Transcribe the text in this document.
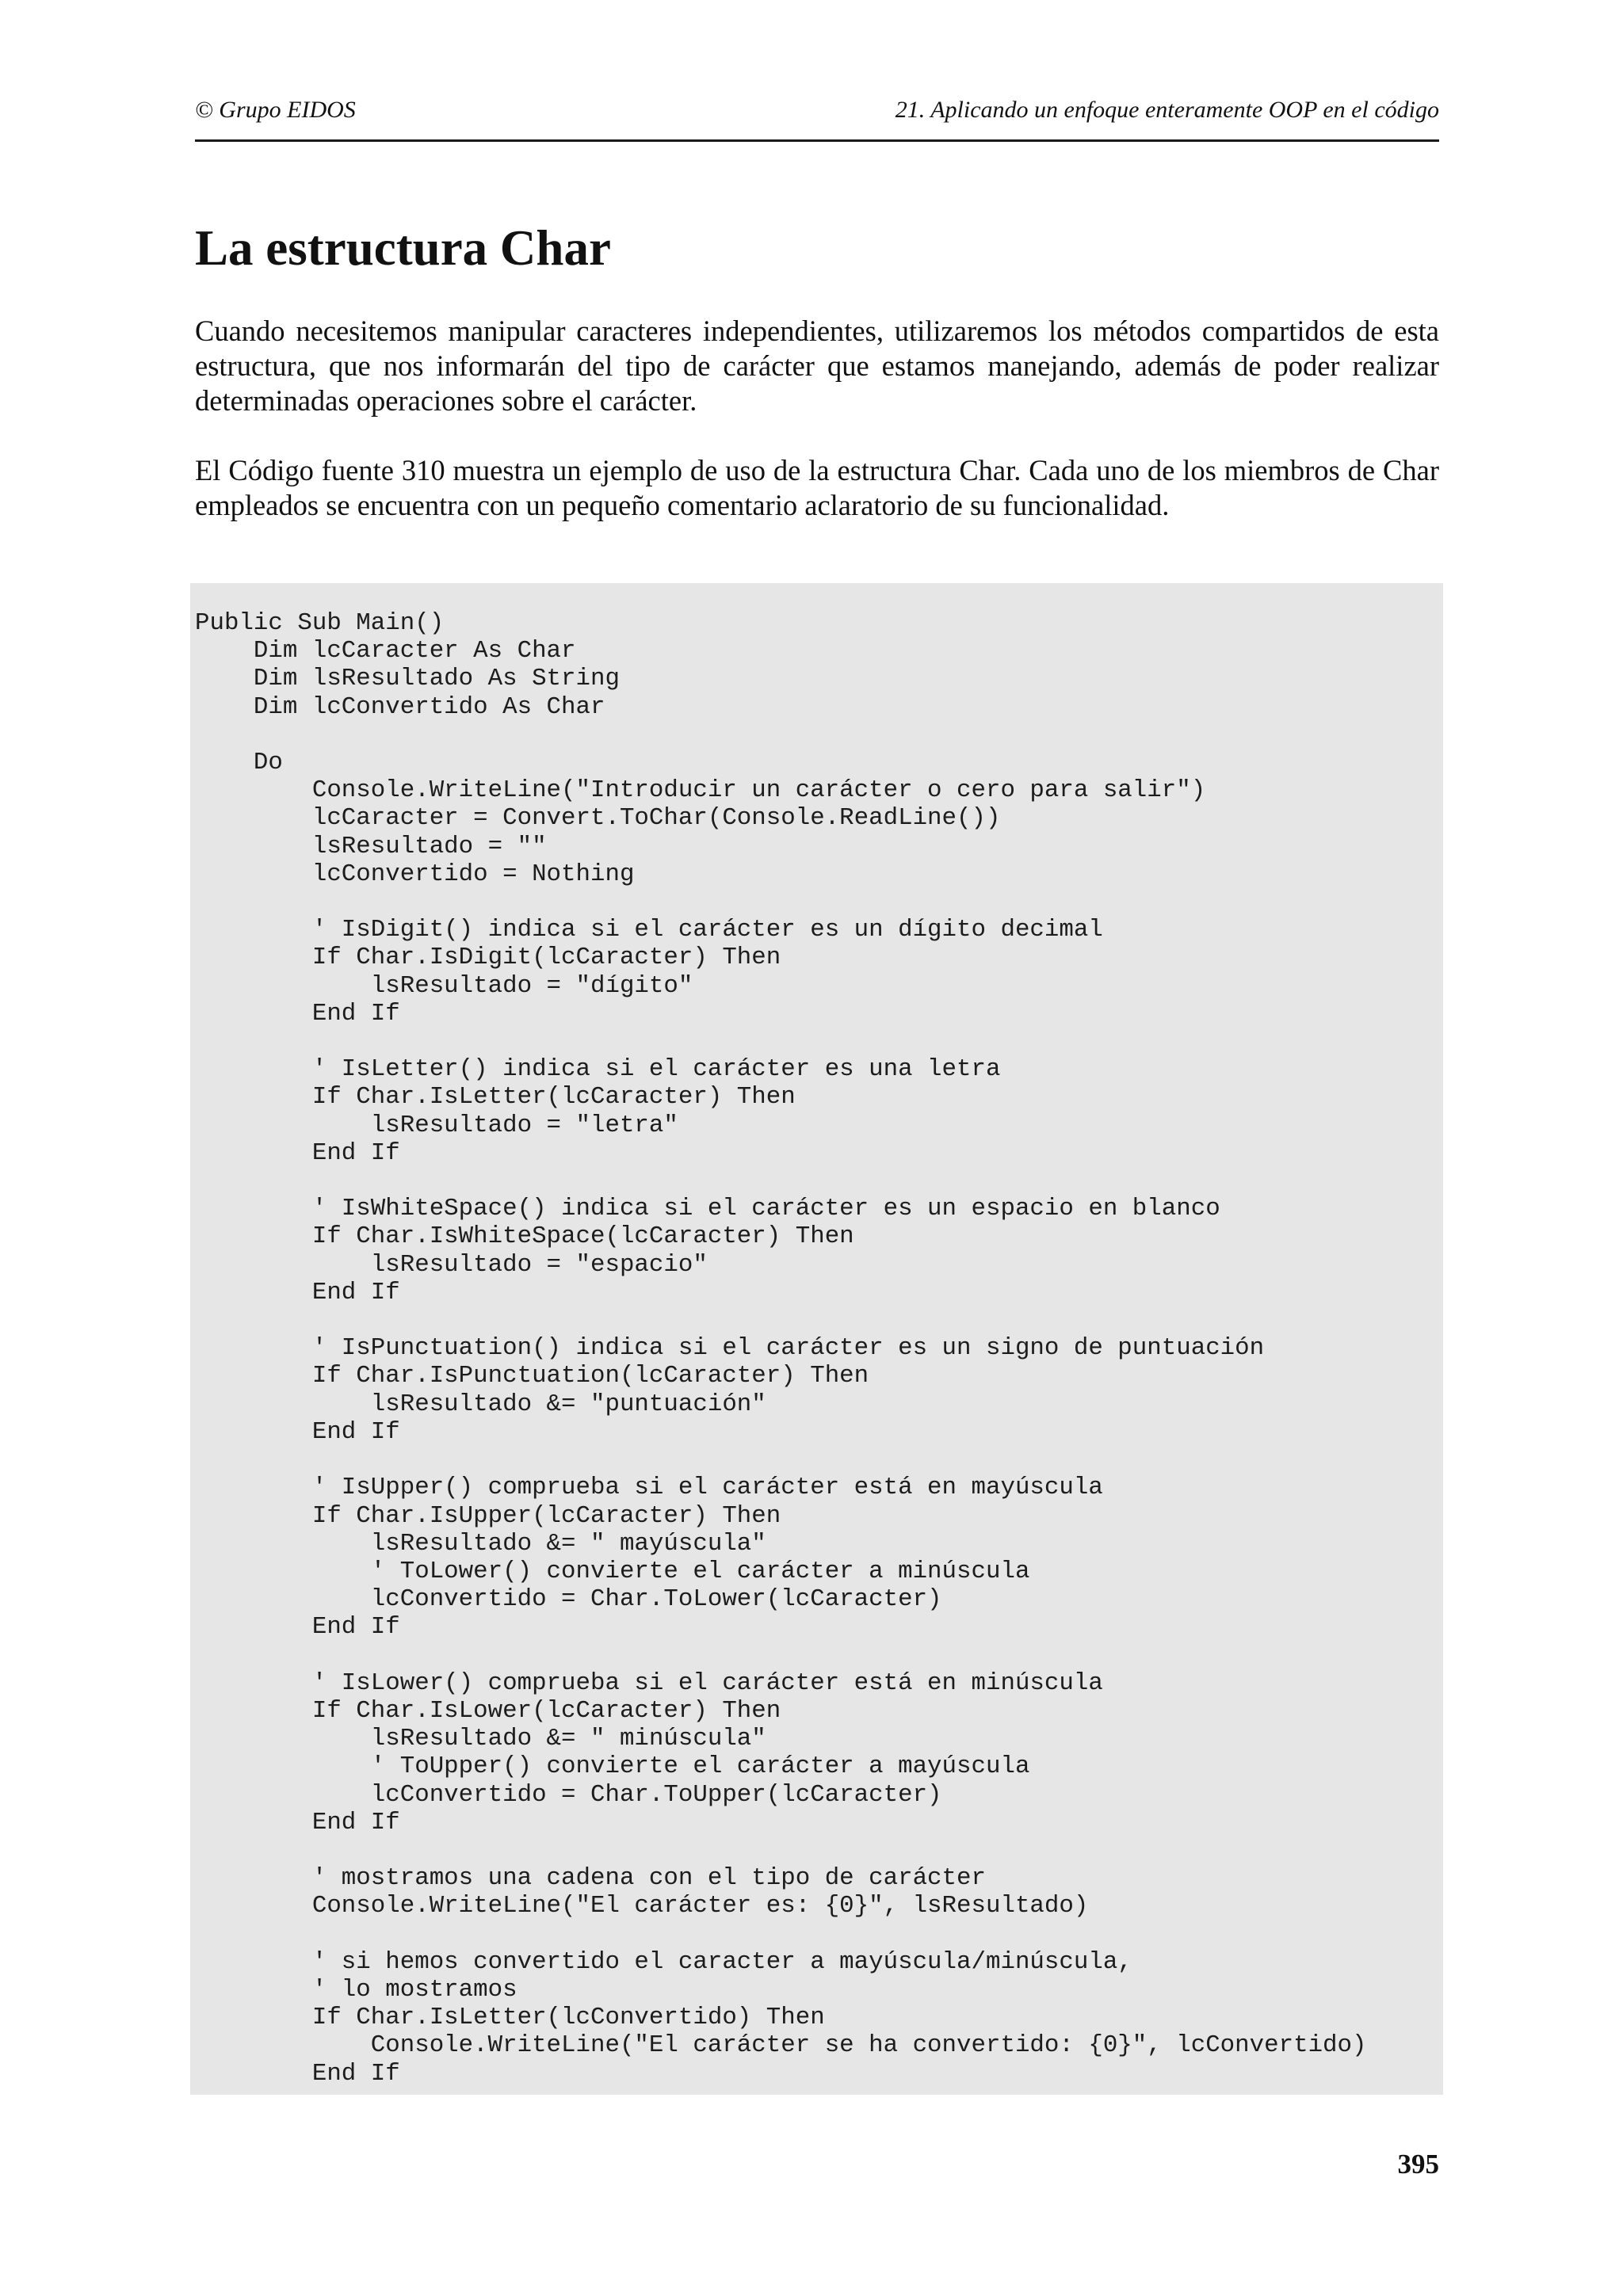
© Grupo EIDOS	21. Aplicando un enfoque enteramente OOP en el código
La estructura Char

Cuando necesitemos manipular caracteres independientes, utilizaremos los métodos compartidos de esta estructura, que nos informarán del tipo de carácter que estamos manejando, además de poder realizar determinadas operaciones sobre el carácter.

El Código fuente 310 muestra un ejemplo de uso de la estructura Char. Cada uno de los miembros de Char empleados se encuentra con un pequeño comentario aclaratorio de su funcionalidad.

Public Sub Main()
Dim lcCaracter As Char
Dim lsResultado As String
Dim lcConvertido As Char

Do
Console.WriteLine("Introducir un carácter o cero para salir")
lcCaracter = Convert.ToChar(Console.ReadLine())
lsResultado = ""
lcConvertido = Nothing

' IsDigit() indica si el carácter es un dígito decimal
If Char.IsDigit(lcCaracter) Then
lsResultado = "dígito"
End If

' IsLetter() indica si el carácter es una letra
If Char.IsLetter(lcCaracter) Then
lsResultado = "letra"
End If

' IsWhiteSpace() indica si el carácter es un espacio en blanco
If Char.IsWhiteSpace(lcCaracter) Then
lsResultado = "espacio"
End If

' IsPunctuation() indica si el carácter es un signo de puntuación
If Char.IsPunctuation(lcCaracter) Then
lsResultado &= "puntuación"
End If

' IsUpper() comprueba si el carácter está en mayúscula
If Char.IsUpper(lcCaracter) Then
lsResultado &= " mayúscula"
' ToLower() convierte el carácter a minúscula
lcConvertido = Char.ToLower(lcCaracter)
End If

' IsLower() comprueba si el carácter está en minúscula
If Char.IsLower(lcCaracter) Then
lsResultado &= " minúscula"
' ToUpper() convierte el carácter a mayúscula
lcConvertido = Char.ToUpper(lcCaracter)
End If

' mostramos una cadena con el tipo de carácter
Console.WriteLine("El carácter es: {0}", lsResultado)

' si hemos convertido el caracter a mayúscula/minúscula,
' lo mostramos
If Char.IsLetter(lcConvertido) Then
Console.WriteLine("El carácter se ha convertido: {0}", lcConvertido)
End If
395
